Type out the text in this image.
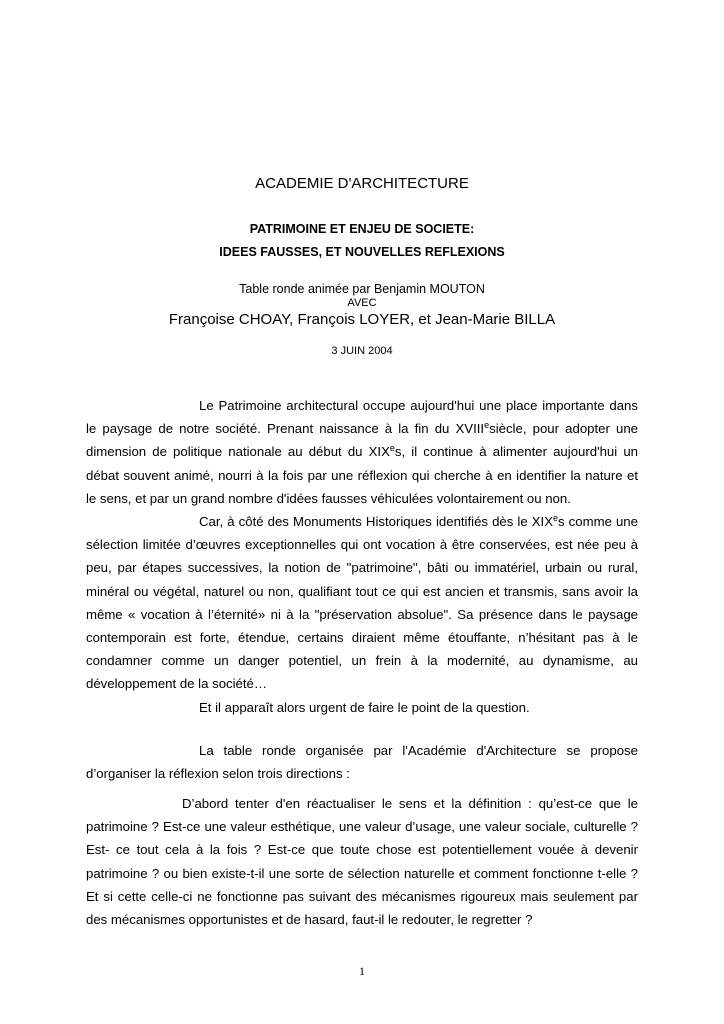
ACADEMIE D'ARCHITECTURE
PATRIMOINE ET ENJEU DE SOCIETE:
IDEES FAUSSES, ET NOUVELLES REFLEXIONS
Table ronde animée par Benjamin MOUTON
AVEC
Françoise CHOAY, François LOYER, et Jean-Marie BILLA
3 JUIN 2004

Le Patrimoine architectural occupe aujourd'hui une place importante dans le paysage de notre société. Prenant naissance à la fin du XVIIIesiècle, pour adopter une dimension de politique nationale au début du XIXes, il continue à alimenter aujourd'hui un débat souvent animé, nourri à la fois par une réflexion qui cherche à en identifier la nature et le sens, et par un grand nombre d'idées fausses véhiculées volontairement ou non.

Car, à côté des Monuments Historiques identifiés dès le XIXes comme une sélection limitée d’œuvres exceptionnelles qui ont vocation à être conservées, est née peu à peu, par étapes successives, la notion de "patrimoine", bâti ou immatériel, urbain ou rural, minéral ou végétal, naturel ou non, qualifiant tout ce qui est ancien et transmis, sans avoir la même « vocation à l’éternité» ni à la "préservation absolue". Sa présence dans le paysage contemporain est forte, étendue, certains diraient même étouffante, n’hésitant pas à le condamner comme un danger potentiel, un frein à la modernité, au dynamisme, au développement de la société…

Et il apparaît alors urgent de faire le point de la question.

La table ronde organisée par l'Académie d'Architecture se propose d’organiser la réflexion selon trois directions :

D’abord tenter d'en réactualiser le sens et la définition : qu’est-ce que le patrimoine ? Est-ce une valeur esthétique, une valeur d’usage, une valeur sociale, culturelle ? Est- ce tout cela à la fois ? Est-ce que toute chose est potentiellement vouée à devenir patrimoine ? ou bien existe-t-il une sorte de sélection naturelle et comment fonctionne t-elle ? Et si cette celle-ci ne fonctionne pas suivant des mécanismes rigoureux mais seulement par des mécanismes opportunistes et de hasard, faut-il le redouter, le regretter ?

1
